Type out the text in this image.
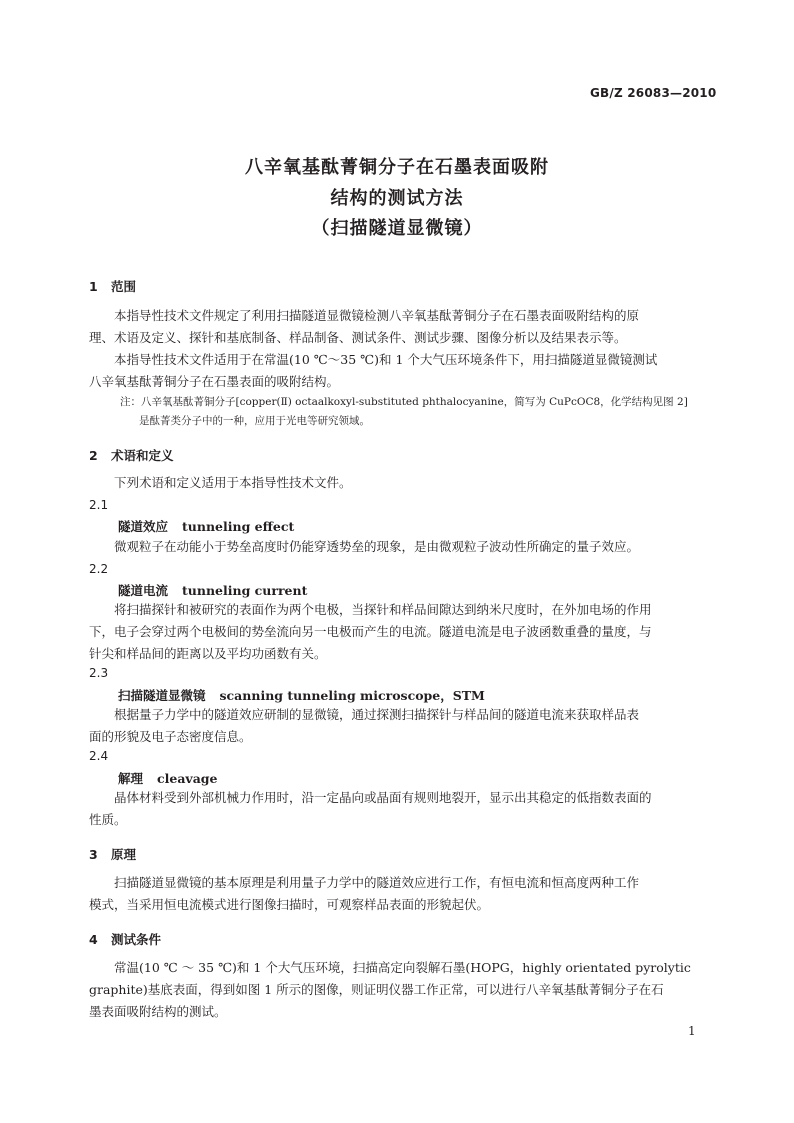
GB/Z 26083—2010
八辛氧基酞菁铜分子在石墨表面吸附
结构的测试方法
（扫描隧道显微镜）
1 范围
本指导性技术文件规定了利用扫描隧道显微镜检测八辛氧基酞菁铜分子在石墨表面吸附结构的原
理、术语及定义、探针和基底制备、样品制备、测试条件、测试步骤、图像分析以及结果表示等。
本指导性技术文件适用于在常温(10 ℃～35 ℃)和 1 个大气压环境条件下，用扫描隧道显微镜测试
八辛氧基酞菁铜分子在石墨表面的吸附结构。
注：八辛氧基酞菁铜分子[copper(Ⅱ) octaalkoxyl-substituted phthalocyanine，简写为 CuPcOC8，化学结构见图 2]
是酞菁类分子中的一种，应用于光电等研究领域。
2 术语和定义
下列术语和定义适用于本指导性技术文件。
2.1
隧道效应 tunneling effect
微观粒子在动能小于势垒高度时仍能穿透势垒的现象，是由微观粒子波动性所确定的量子效应。
2.2
隧道电流 tunneling current
将扫描探针和被研究的表面作为两个电极，当探针和样品间隙达到纳米尺度时，在外加电场的作用
下，电子会穿过两个电极间的势垒流向另一电极而产生的电流。隧道电流是电子波函数重叠的量度，与
针尖和样品间的距离以及平均功函数有关。
2.3
扫描隧道显微镜 scanning tunneling microscope，STM
根据量子力学中的隧道效应研制的显微镜，通过探测扫描探针与样品间的隧道电流来获取样品表
面的形貌及电子态密度信息。
2.4
解理 cleavage
晶体材料受到外部机械力作用时，沿一定晶向或晶面有规则地裂开，显示出其稳定的低指数表面的
性质。
3 原理
扫描隧道显微镜的基本原理是利用量子力学中的隧道效应进行工作，有恒电流和恒高度两种工作
模式，当采用恒电流模式进行图像扫描时，可观察样品表面的形貌起伏。
4 测试条件
常温(10 ℃ ～ 35 ℃)和 1 个大气压环境，扫描高定向裂解石墨(HOPG，highly orientated pyrolytic
graphite)基底表面，得到如图 1 所示的图像，则证明仪器工作正常，可以进行八辛氧基酞菁铜分子在石
墨表面吸附结构的测试。
1
